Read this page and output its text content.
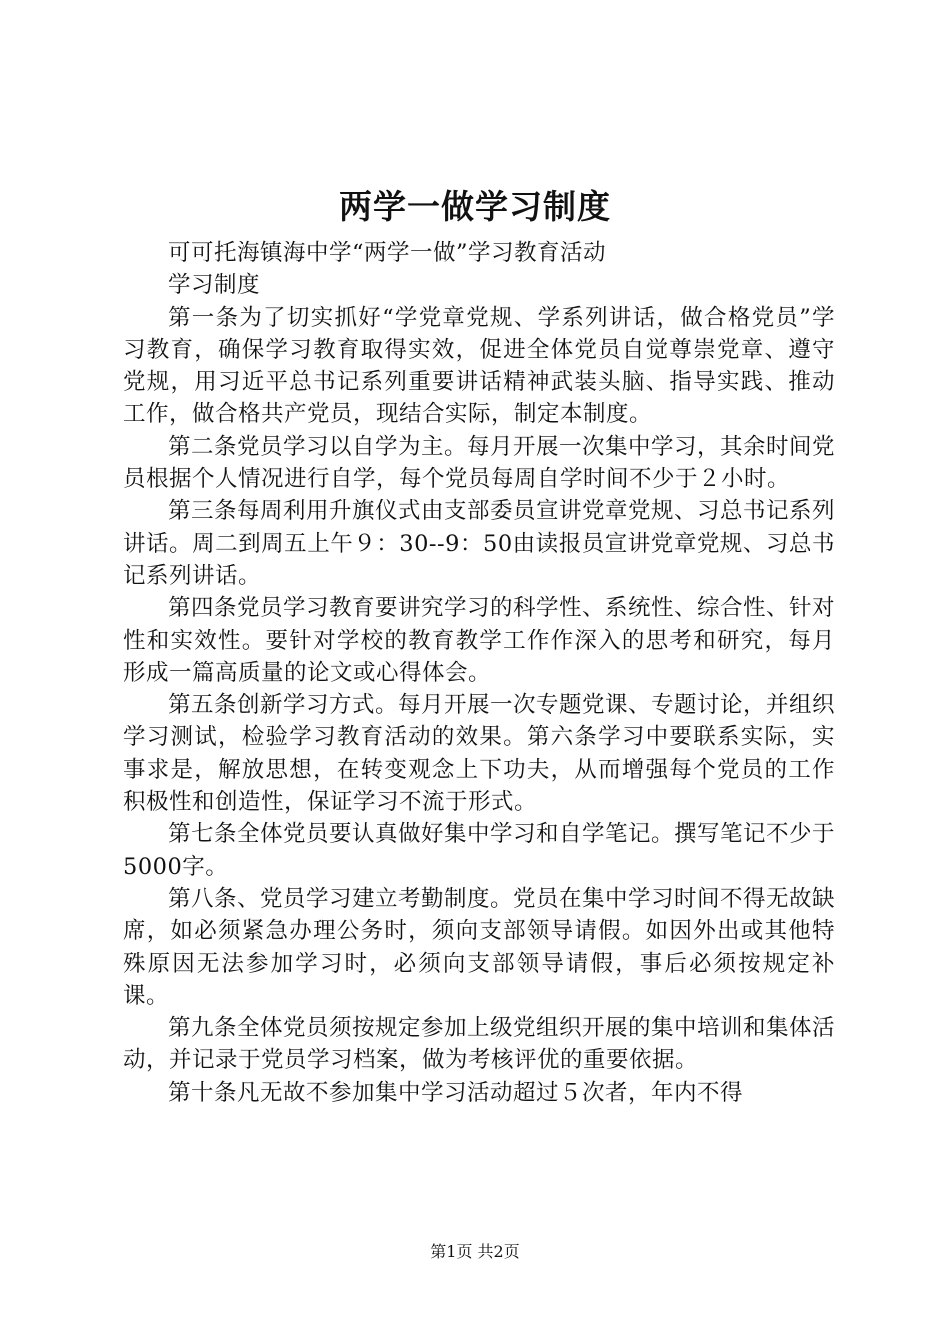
两学一做学习制度

可可托海镇海中学“两学一做”学习教育活动

学习制度

第一条为了切实抓好“学党章党规、学系列讲话，做合格党员”学习教育，确保学习教育取得实效，促进全体党员自觉尊崇党章、遵守党规，用习近平总书记系列重要讲话精神武装头脑、指导实践、推动工作，做合格共产党员，现结合实际，制定本制度。

第二条党员学习以自学为主。每月开展一次集中学习，其余时间党员根据个人情况进行自学，每个党员每周自学时间不少于２小时。

第三条每周利用升旗仪式由支部委员宣讲党章党规、习总书记系列讲话。周二到周五上午９：30--9：50由读报员宣讲党章党规、习总书记系列讲话。

第四条党员学习教育要讲究学习的科学性、系统性、综合性、针对性和实效性。要针对学校的教育教学工作作深入的思考和研究，每月形成一篇高质量的论文或心得体会。

第五条创新学习方式。每月开展一次专题党课、专题讨论，并组织学习测试，检验学习教育活动的效果。第六条学习中要联系实际，实事求是，解放思想，在转变观念上下功夫，从而增强每个党员的工作积极性和创造性，保证学习不流于形式。

第七条全体党员要认真做好集中学习和自学笔记。撰写笔记不少于5000字。

第八条、党员学习建立考勤制度。党员在集中学习时间不得无故缺席，如必须紧急办理公务时，须向支部领导请假。如因外出或其他特殊原因无法参加学习时，必须向支部领导请假，事后必须按规定补课。

第九条全体党员须按规定参加上级党组织开展的集中培训和集体活动，并记录于党员学习档案，做为考核评优的重要依据。

第十条凡无故不参加集中学习活动超过５次者，年内不得

第1页 共2页
